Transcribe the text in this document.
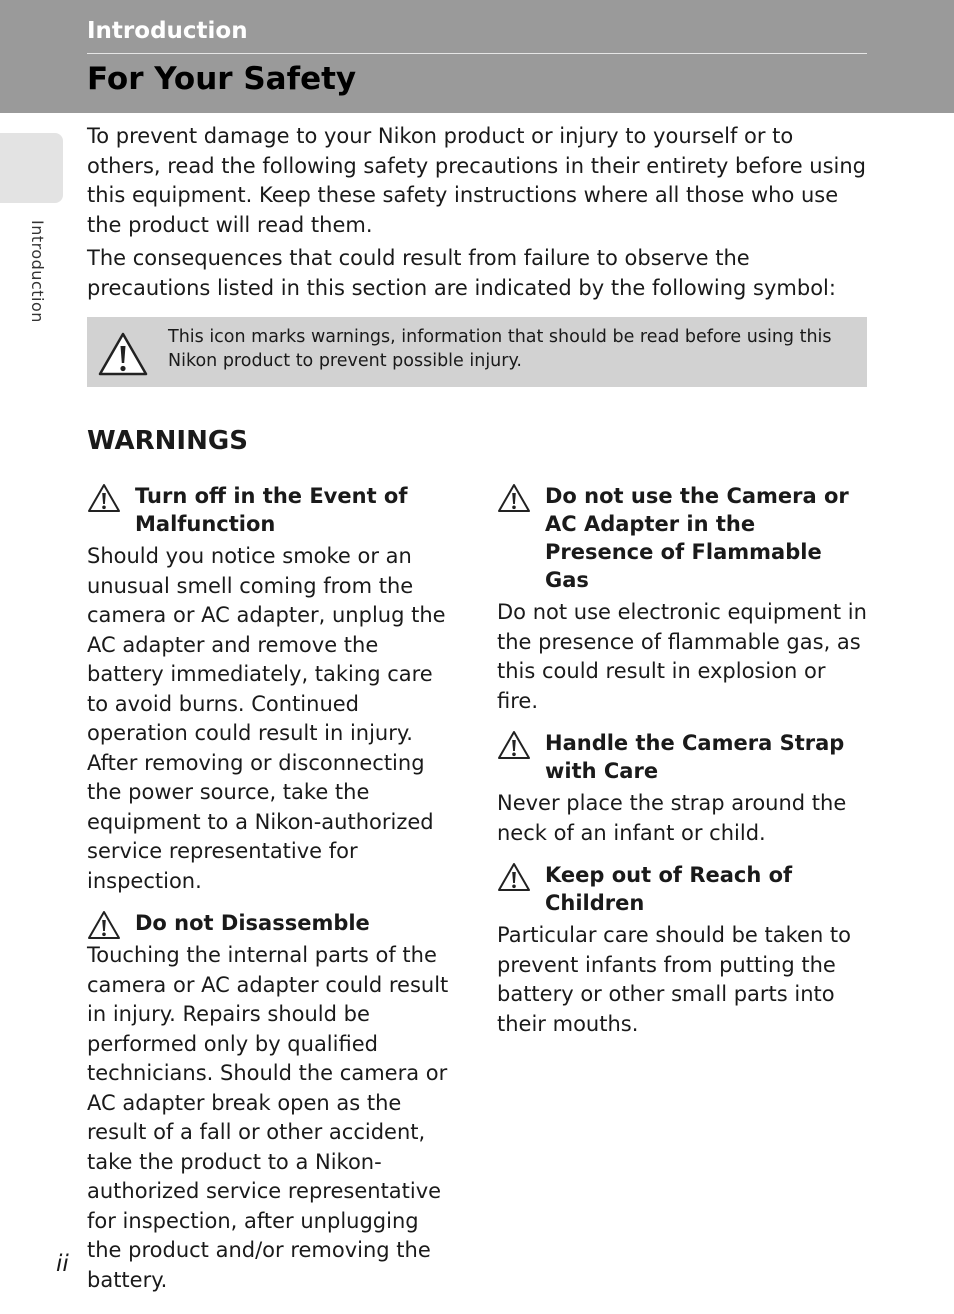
Introduction
For Your Safety
Introduction

To prevent damage to your Nikon product or injury to yourself or to others, read the following safety precautions in their entirety before using this equipment. Keep these safety instructions where all those who use the product will read them.

The consequences that could result from failure to observe the precautions listed in this section are indicated by the following symbol:

This icon marks warnings, information that should be read before using this Nikon product to prevent possible injury.
WARNINGS
Turn off in the Event of Malfunction
Should you notice smoke or an unusual smell coming from the camera or AC adapter, unplug the AC adapter and remove the battery immediately, taking care to avoid burns. Continued operation could result in injury. After removing or disconnecting the power source, take the equipment to a Nikon-authorized service representative for inspection.
Do not Disassemble
Touching the internal parts of the camera or AC adapter could result in injury. Repairs should be performed only by qualified technicians. Should the camera or AC adapter break open as the result of a fall or other accident, take the product to a Nikon-authorized service representative for inspection, after unplugging the product and/or removing the battery.
Do not use the Camera or AC Adapter in the Presence of Flammable Gas
Do not use electronic equipment in the presence of flammable gas, as this could result in explosion or fire.
Handle the Camera Strap with Care
Never place the strap around the neck of an infant or child.
Keep out of Reach of Children
Particular care should be taken to prevent infants from putting the battery or other small parts into their mouths.
ii
